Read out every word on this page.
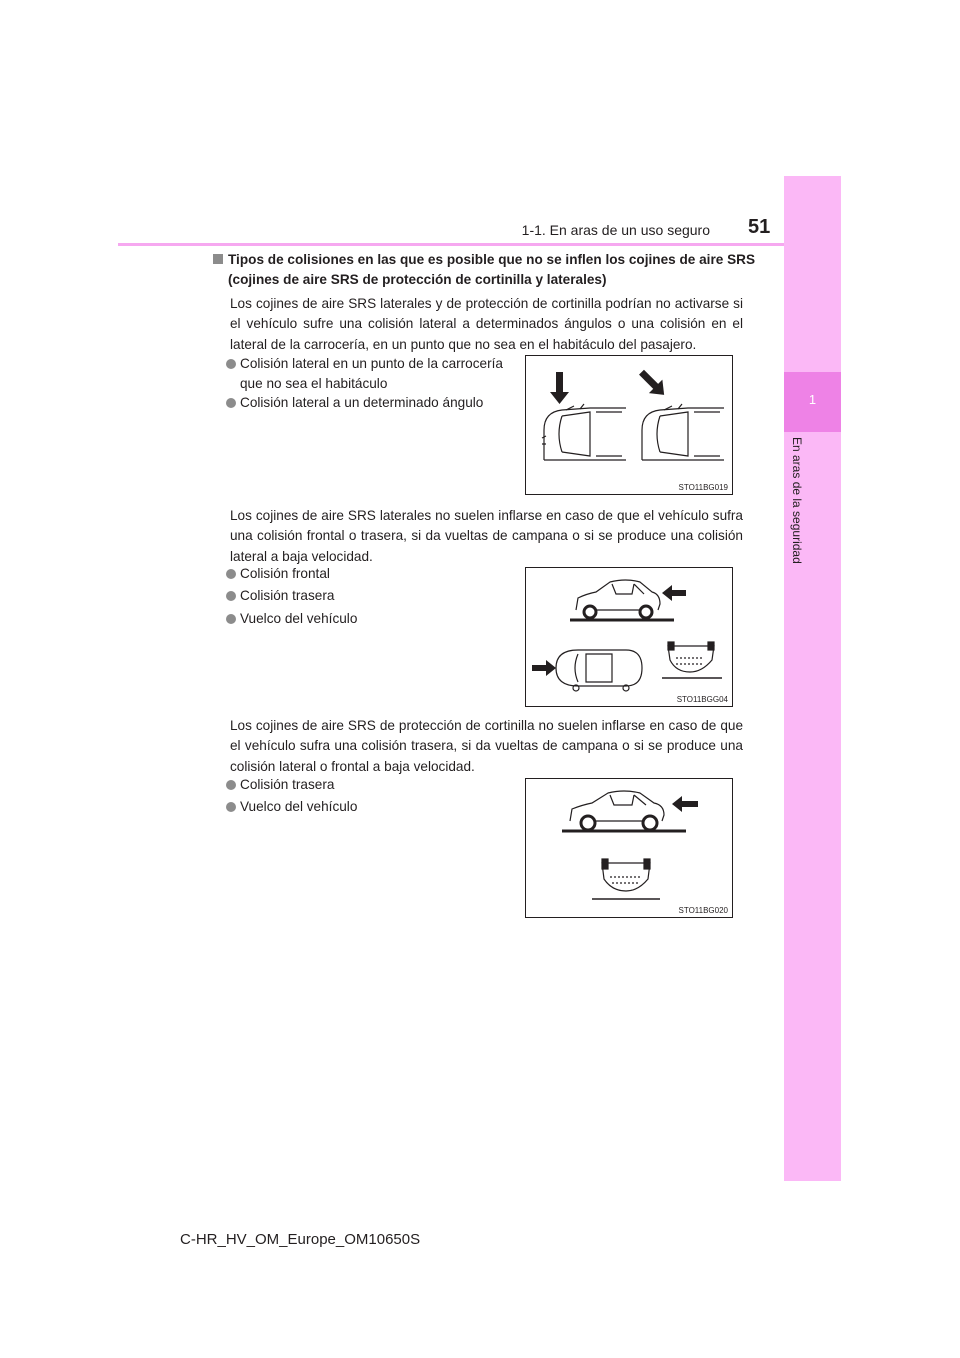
1-1. En aras de un uso seguro 51
1
En aras de la seguridad
Tipos de colisiones en las que es posible que no se inflen los cojines de aire SRS (cojines de aire SRS de protección de cortinilla y laterales)
Los cojines de aire SRS laterales y de protección de cortinilla podrían no activarse si el vehículo sufre una colisión lateral a determinados ángulos o una colisión en el lateral de la carrocería, en un punto que no sea en el habitáculo del pasajero.
Colisión lateral en un punto de la carrocería que no sea el habitáculo
Colisión lateral a un determinado ángulo
STO11BG019
Los cojines de aire SRS laterales no suelen inflarse en caso de que el vehículo sufra una colisión frontal o trasera, si da vueltas de campana o si se produce una colisión lateral a baja velocidad.
Colisión frontal
Colisión trasera
Vuelco del vehículo
STO11BGG04
Los cojines de aire SRS de protección de cortinilla no suelen inflarse en caso de que el vehículo sufra una colisión trasera, si da vueltas de campana o si se produce una colisión lateral o frontal a baja velocidad.
Colisión trasera
Vuelco del vehículo
STO11BG020
C-HR_HV_OM_Europe_OM10650S
